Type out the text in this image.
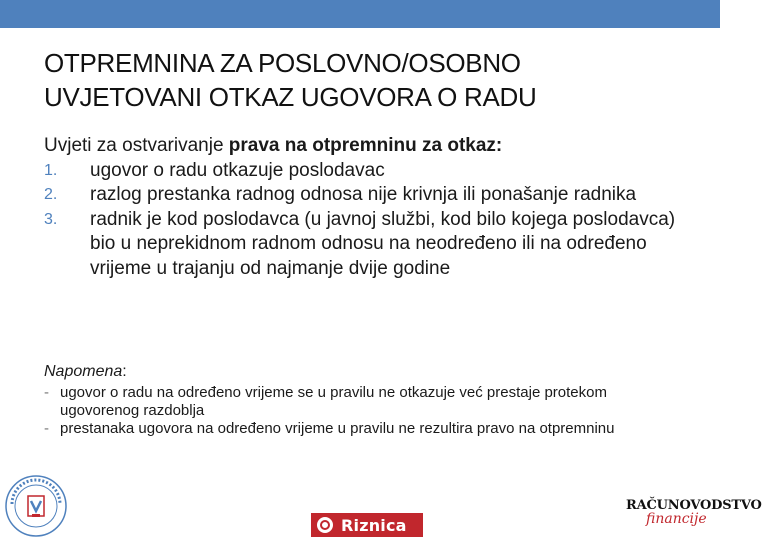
OTPREMNINA ZA POSLOVNO/OSOBNO
UVJETOVANI OTKAZ UGOVORA O RADU
Uvjeti za ostvarivanje prava na otpremninu za otkaz:
1. ugovor o radu otkazuje poslodavac
2. razlog prestanka radnog odnosa nije krivnja ili ponašanje radnika
3. radnik je kod poslodavca (u javnoj službi, kod bilo kojega poslodavca) bio u neprekidnom radnom odnosu na neodređeno ili na određeno vrijeme u trajanju od najmanje dvije godine
Napomena:
- ugovor o radu na određeno vrijeme se u pravilu ne otkazuje već prestaje protekom ugovorenog razdoblja
- prestanaka ugovora na određeno vrijeme u pravilu ne rezultira pravo na otpremninu
Riznica
RAČUNOVODSTVO
financije
